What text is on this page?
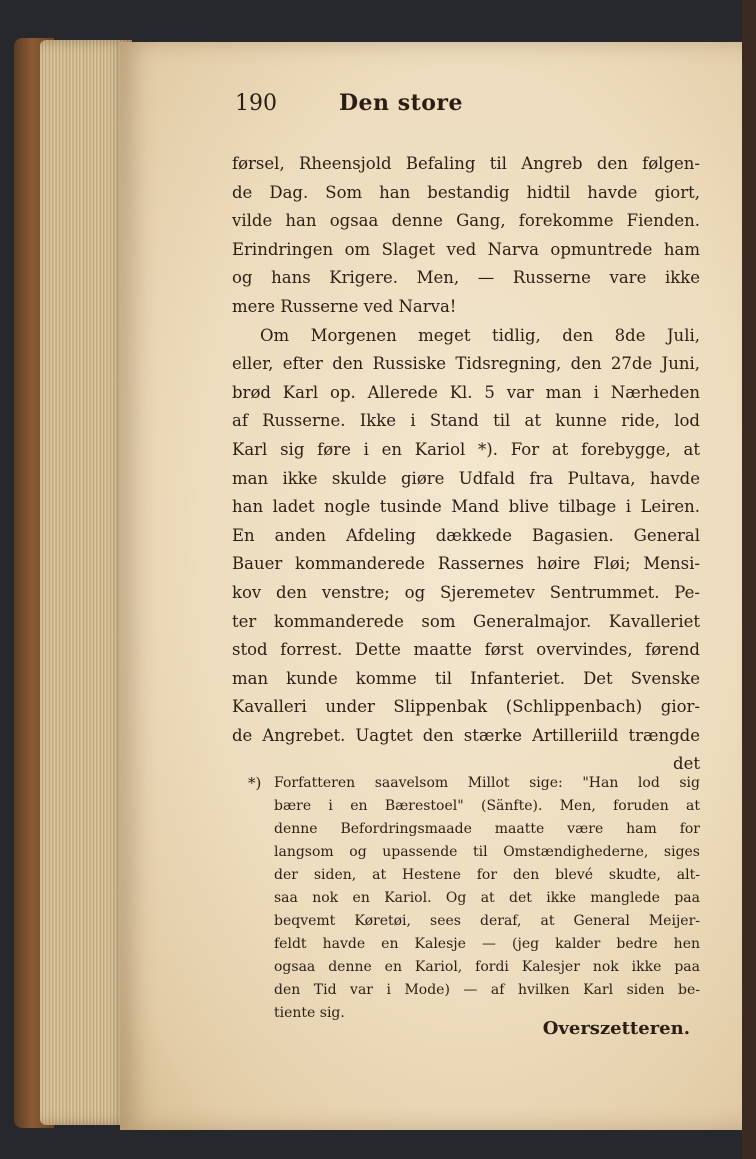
190	Den store
førsel, Rheensjold Befaling til Angreb den følgen-
de Dag. Som han bestandig hidtil havde giort,
vilde han ogsaa denne Gang, forekomme Fienden.
Erindringen om Slaget ved Narva opmuntrede ham
og hans Krigere. Men, — Russerne vare ikke
mere Russerne ved Narva!
Om Morgenen meget tidlig, den 8de Juli,
eller, efter den Russiske Tidsregning, den 27de Juni,
brød Karl op. Allerede Kl. 5 var man i Nærheden
af Russerne. Ikke i Stand til at kunne ride, lod
Karl sig føre i en Kariol *). For at forebygge, at
man ikke skulde giøre Udfald fra Pultava, havde
han ladet nogle tusinde Mand blive tilbage i Leiren.
En anden Afdeling dækkede Bagasien. General
Bauer kommanderede Rassernes høire Fløi; Mensi-
kov den venstre; og Sjeremetev Sentrummet. Pe-
ter kommanderede som Generalmajor. Kavalleriet
stod forrest. Dette maatte først overvindes, førend
man kunde komme til Infanteriet. Det Svenske
Kavalleri under Slippenbak (Schlippenbach) gior-
de Angrebet. Uagtet den stærke Artilleriild trængde
det
*) Forfatteren saavelsom Millot sige: "Han lod sig
bære i en Bærestoel" (Sänfte). Men, foruden at
denne Befordringsmaade maatte være ham for
langsom og upassende til Omstændighederne, siges
der siden, at Hestene for den blevé skudte, alt-
saa nok en Kariol. Og at det ikke manglede paa
beqvemt Køretøi, sees deraf, at General Meijer-
feldt havde en Kalesje — (jeg kalder bedre hen
ogsaa denne en Kariol, fordi Kalesjer nok ikke paa
den Tid var i Mode) — af hvilken Karl siden be-
tiente sig.
Overszetteren.
